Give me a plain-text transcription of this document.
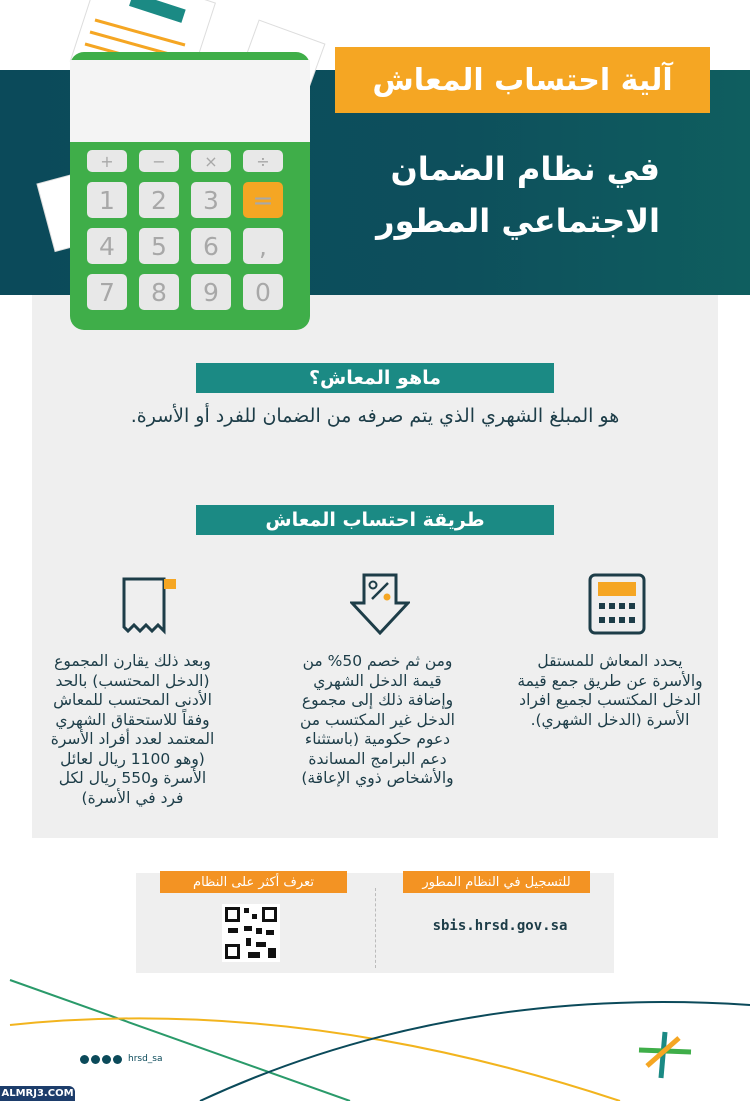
+ − × ÷
1 2 3 =
4 5 6 ,
7 8 9 0
آلية احتساب المعاش
في نظام الضمان
الاجتماعي المطور
ماهو المعاش؟
هو المبلغ الشهري الذي يتم صرفه من الضمان للفرد أو الأسرة.
طريقة احتساب المعاش
يحدد المعاش للمستقل والأسرة عن طريق جمع قيمة الدخل المكتسب لجميع افراد الأسرة (الدخل الشهري).
ومن ثم خصم 50% من قيمة الدخل الشهري وإضافة ذلك إلى مجموع الدخل غير المكتسب من دعوم حكومية (باستثناء دعم البرامج المساندة والأشخاص ذوي الإعاقة)
وبعد ذلك يقارن المجموع (الدخل المحتسب) بالحد الأدنى المحتسب للمعاش وفقاً للاستحقاق الشهري المعتمد لعدد أفراد الأسرة (وهو 1100 ريال لعائل الأسرة و550 ريال لكل فرد في الأسرة)
للتسجيل في النظام المطور
تعرف أكثر على النظام
sbis.hrsd.gov.sa
hrsd_sa
ALMRJ3.COM
